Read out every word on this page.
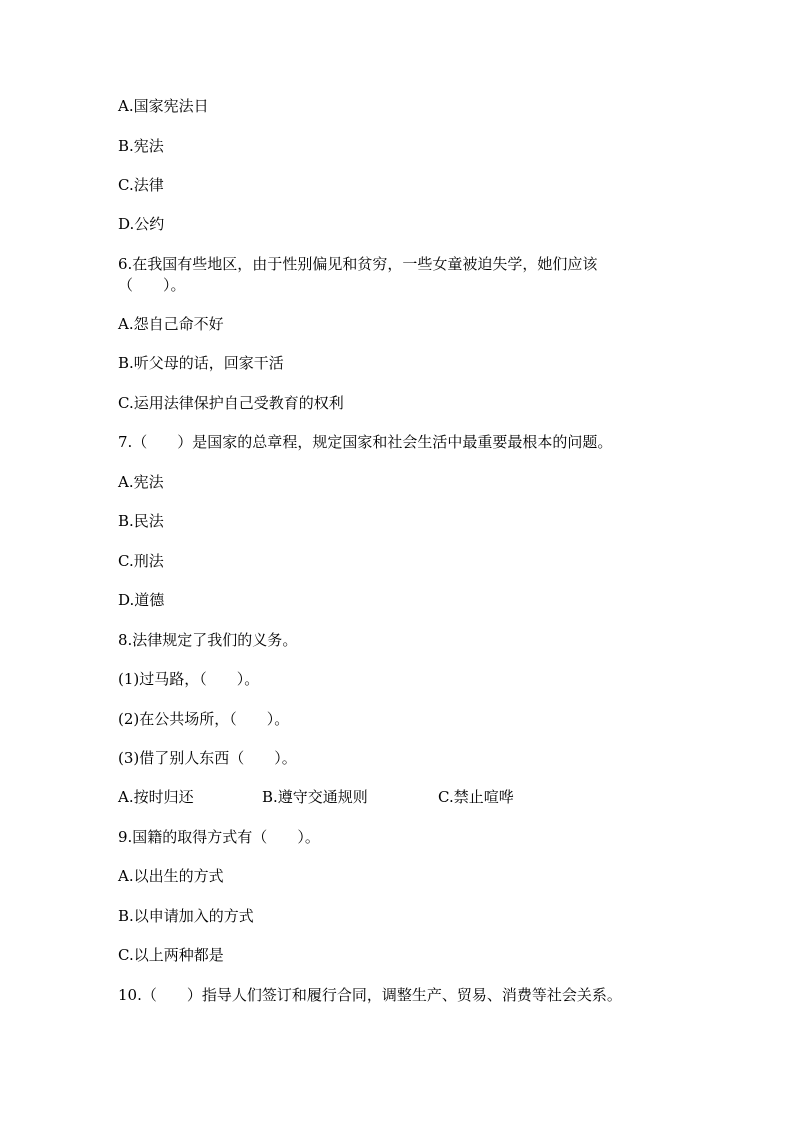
A.国家宪法日
B.宪法
C.法律
D.公约
6.在我国有些地区，由于性别偏见和贫穷，一些女童被迫失学，她们应该
（　　）。
A.怨自己命不好
B.听父母的话，回家干活
C.运用法律保护自己受教育的权利
7.（　　）是国家的总章程，规定国家和社会生活中最重要最根本的问题。
A.宪法
B.民法
C.刑法
D.道德
8.法律规定了我们的义务。
(1)过马路，（　　）。
(2)在公共场所，（　　）。
(3)借了别人东西（　　）。
A.按时归还	B.遵守交通规则	C.禁止喧哗
9.国籍的取得方式有（　　）。
A.以出生的方式
B.以申请加入的方式
C.以上两种都是
10.（　　）指导人们签订和履行合同，调整生产、贸易、消费等社会关系。
